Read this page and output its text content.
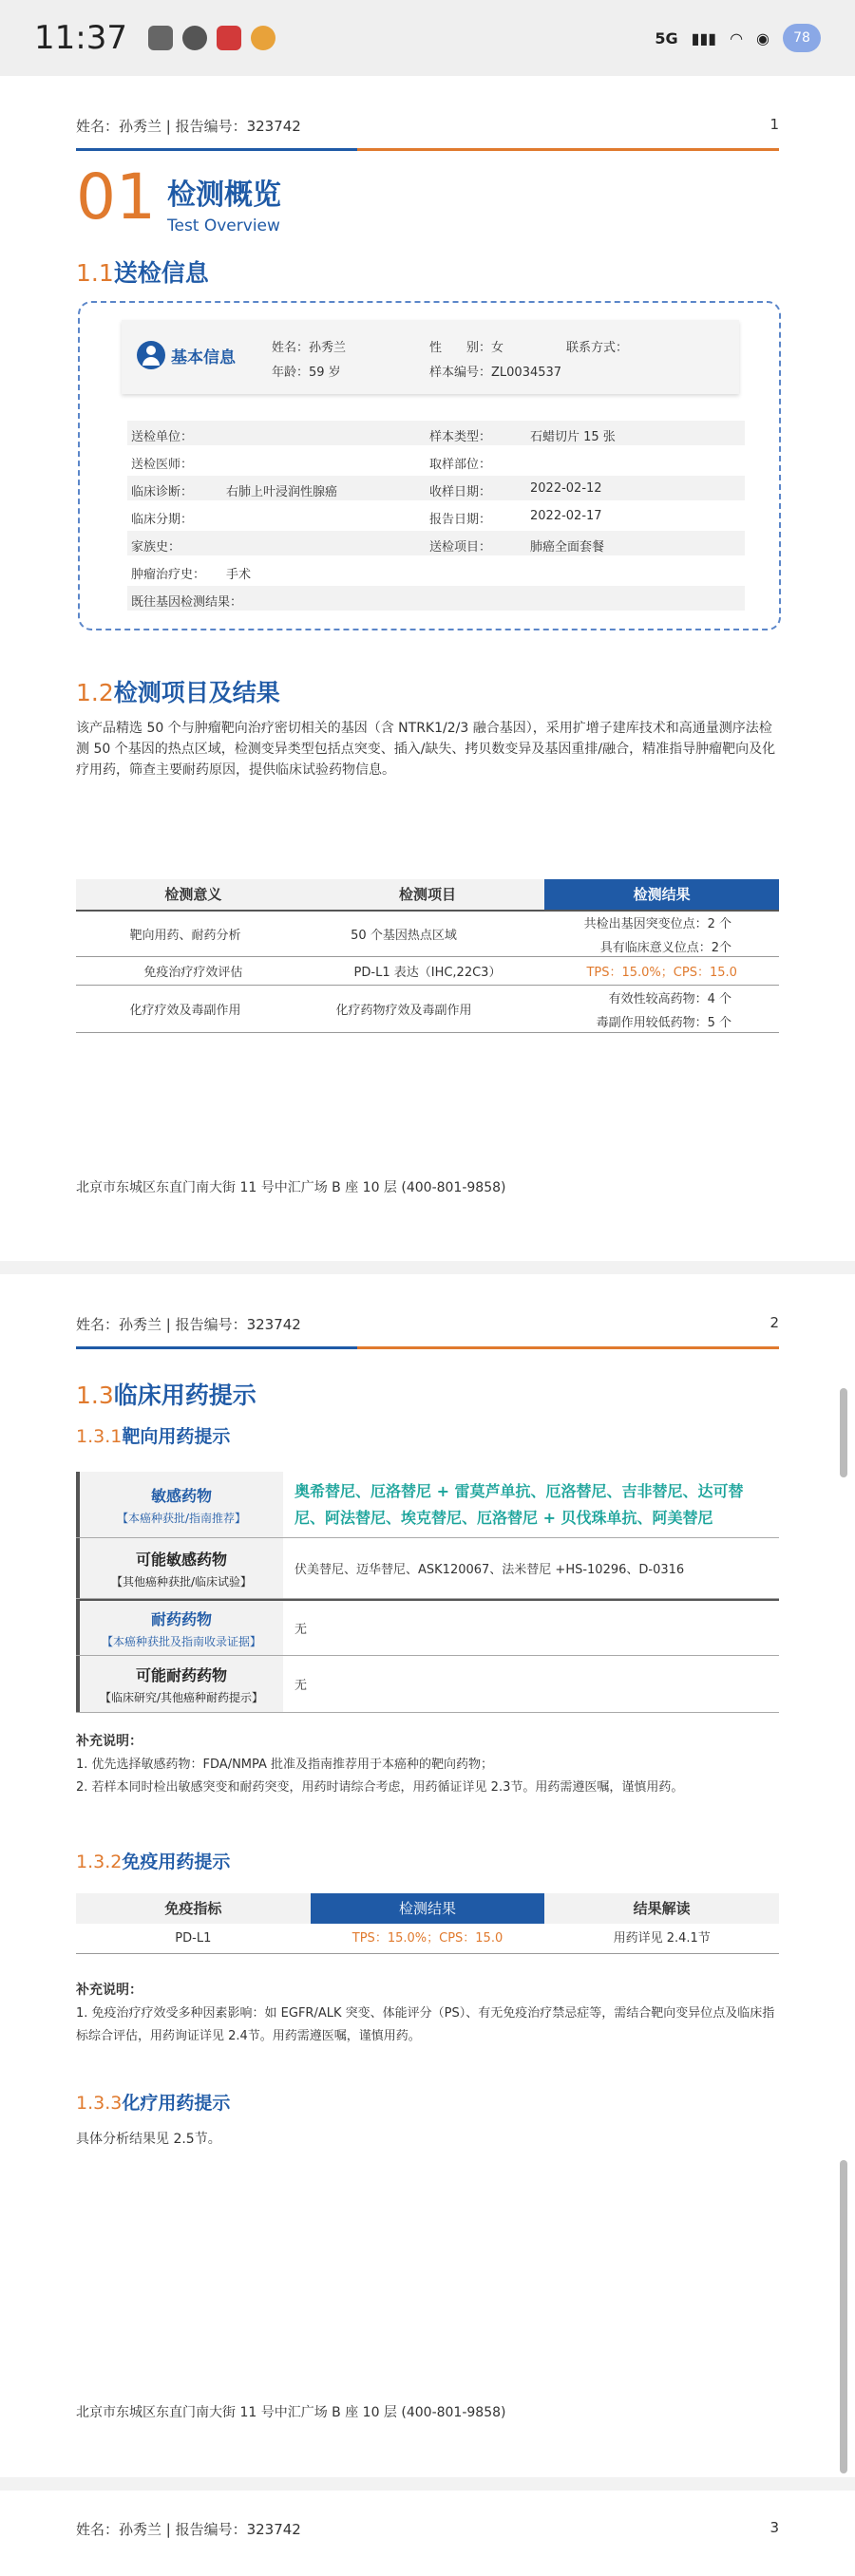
11:37	5G ▮▮▮ ◠ ◉	78
姓名：孙秀兰 | 报告编号：323742	1
01 检测概览
Test Overview
1.1送检信息
基本信息	姓名：孙秀兰	性　　别：女	联系方式：
年龄：59 岁	样本编号：ZL0034537
送检单位：	样本类型：	石蜡切片 15 张
送检医师：	取样部位：
临床诊断：	右肺上叶浸润性腺癌	收样日期：	2022-02-12
临床分期：	报告日期：	2022-02-17
家族史：	送检项目：	肺癌全面套餐
肿瘤治疗史： 手术
既往基因检测结果：
1.2检测项目及结果
该产品精选 50 个与肿瘤靶向治疗密切相关的基因（含 NTRK1/2/3 融合基因），采用扩增子建库技术和高通量测序法检测 50 个基因的热点区域，检测变异类型包括点突变、插入/缺失、拷贝数变异及基因重排/融合，精准指导肿瘤靶向及化疗用药，筛查主要耐药原因，提供临床试验药物信息。
检测意义	检测项目	检测结果
靶向用药、耐药分析	50 个基因热点区域
共检出基因突变位点：2 个
具有临床意义位点：2个
免疫治疗疗效评估	PD-L1 表达（IHC,22C3）	TPS：15.0%；CPS：15.0
化疗疗效及毒副作用	化疗药物疗效及毒副作用
有效性较高药物：4 个
毒副作用较低药物：5 个
北京市东城区东直门南大街 11 号中汇广场 B 座 10 层 (400-801-9858)
姓名：孙秀兰 | 报告编号：323742	2
1.3临床用药提示
1.3.1靶向用药提示
敏感药物
【本癌种获批/指南推荐】
奥希替尼、厄洛替尼 + 雷莫芦单抗、厄洛替尼、吉非替尼、达可替尼、阿法替尼、埃克替尼、厄洛替尼 + 贝伐珠单抗、阿美替尼
可能敏感药物
【其他癌种获批/临床试验】
伏美替尼、迈华替尼、ASK120067、法米替尼 +HS-10296、D-0316
耐药药物
【本癌种获批及指南收录证据】
无
可能耐药药物
【临床研究/其他癌种耐药提示】
无
补充说明：
1. 优先选择敏感药物：FDA/NMPA 批准及指南推荐用于本癌种的靶向药物；
2. 若样本同时检出敏感突变和耐药突变，用药时请综合考虑，用药循证详见 2.3节。用药需遵医嘱，谨慎用药。
1.3.2免疫用药提示
免疫指标	检测结果	结果解读
PD-L1	TPS：15.0%；CPS：15.0	用药详见 2.4.1节
补充说明：
1. 免疫治疗疗效受多种因素影响：如 EGFR/ALK 突变、体能评分（PS）、有无免疫治疗禁忌症等，需结合靶向变异位点及临床指标综合评估，用药询证详见 2.4节。用药需遵医嘱，谨慎用药。
1.3.3化疗用药提示
具体分析结果见 2.5节。
北京市东城区东直门南大街 11 号中汇广场 B 座 10 层 (400-801-9858)
姓名：孙秀兰 | 报告编号：323742	3
